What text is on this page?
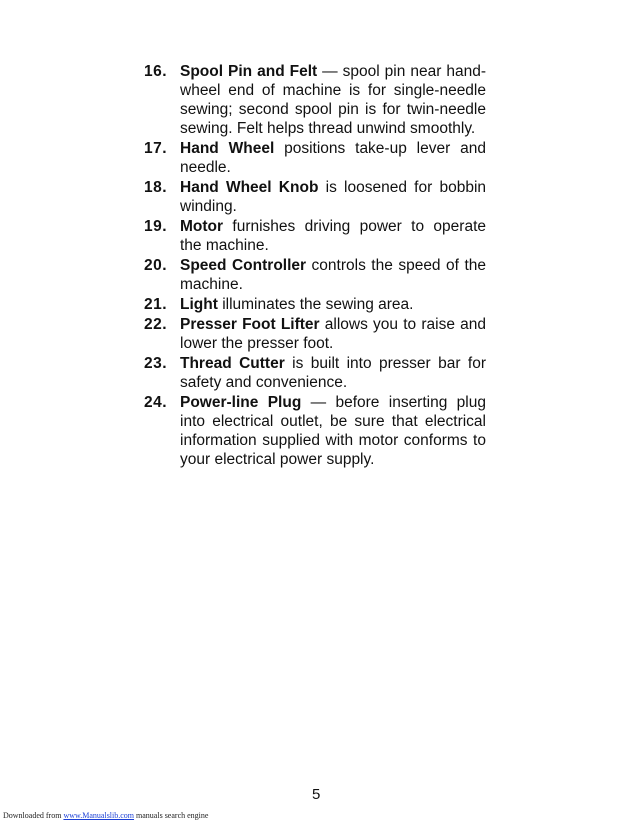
16. Spool Pin and Felt — spool pin near hand-wheel end of machine is for single-needle sewing; second spool pin is for twin-needle sewing. Felt helps thread unwind smoothly.
17. Hand Wheel positions take-up lever and needle.
18. Hand Wheel Knob is loosened for bobbin winding.
19. Motor furnishes driving power to operate the machine.
20. Speed Controller controls the speed of the machine.
21. Light illuminates the sewing area.
22. Presser Foot Lifter allows you to raise and lower the presser foot.
23. Thread Cutter is built into presser bar for safety and convenience.
24. Power-line Plug — before inserting plug into electrical outlet, be sure that electrical information supplied with motor conforms to your electrical power supply.
5
Downloaded from www.Manualslib.com manuals search engine
